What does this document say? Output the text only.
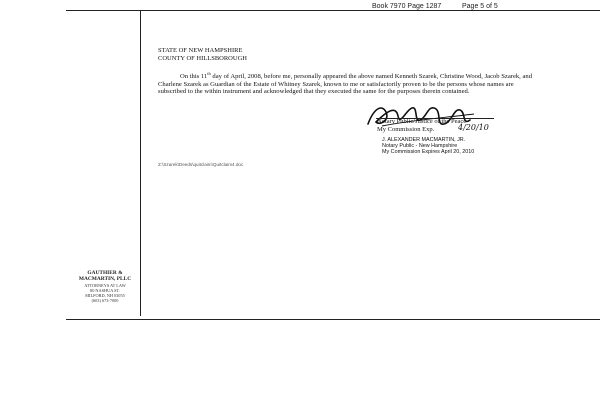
Book 7970 Page 1287	Page 5 of 5
STATE OF NEW HAMPSHIRE
COUNTY OF HILLSBOROUGH
On this 11th day of April, 2008, before me, personally appeared the above named Kenneth Szarek, Christine Wood, Jacob Szarek, and Charlene Szarek as Guardian of the Estate of Whitney Szarek, known to me or satisfactorily proven to be the persons whose names are subscribed to the within instrument and acknowledged that they executed the same for the purposes therein contained.
Notary Public/Justice of the Peace
My Commission Exp.	4/20/10
J. ALEXANDER MACMARTIN, JR.
Notary Public - New Hampshire
My Commission Expires April 20, 2010
Z:\Szarek\Deeds\quitclaim\Quitclaim4.doc
GAUTHIER &
MACMARTIN, PLLC
ATTORNEYS AT LAW
80 NASHUA ST.
MILFORD, NH 03055
(603) 673-7000
